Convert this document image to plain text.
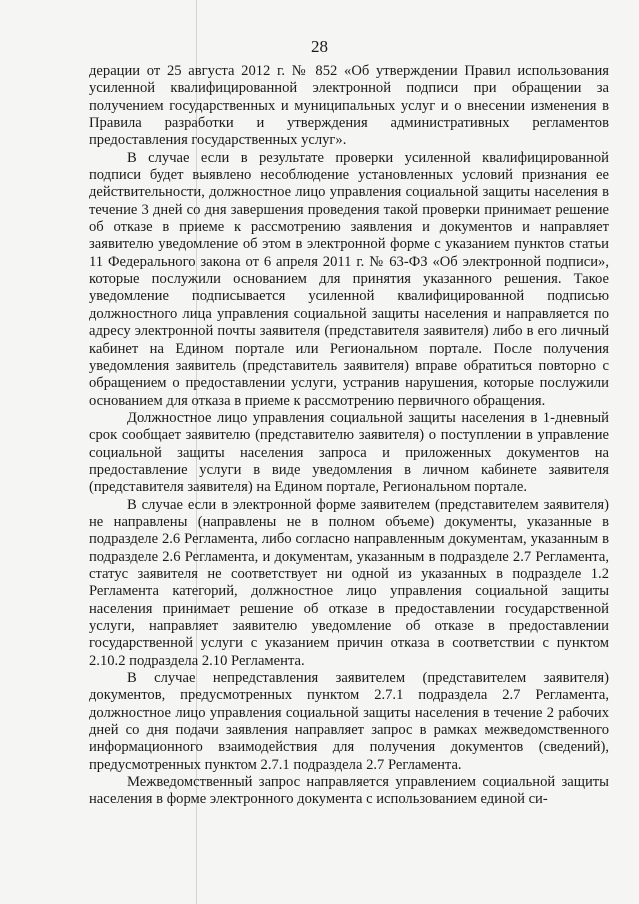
28

дерации от 25 августа 2012 г. № 852 «Об утверждении Правил использования усиленной квалифицированной электронной подписи при обращении за получением государственных и муниципальных услуг и о внесении изменения в Правила разработки и утверждения административных регламентов предоставления государственных услуг».

В случае если в результате проверки усиленной квалифицированной подписи будет выявлено несоблюдение установленных условий признания ее действительности, должностное лицо управления социальной защиты населения в течение 3 дней со дня завершения проведения такой проверки принимает решение об отказе в приеме к рассмотрению заявления и документов и направляет заявителю уведомление об этом в электронной форме с указанием пунктов статьи 11 Федерального закона от 6 апреля 2011 г. № 63-ФЗ «Об электронной подписи», которые послужили основанием для принятия указанного решения. Такое уведомление подписывается усиленной квалифицированной подписью должностного лица управления социальной защиты населения и направляется по адресу электронной почты заявителя (представителя заявителя) либо в его личный кабинет на Едином портале или Региональном портале. После получения уведомления заявитель (представитель заявителя) вправе обратиться повторно с обращением о предоставлении услуги, устранив нарушения, которые послужили основанием для отказа в приеме к рассмотрению первичного обращения.

Должностное лицо управления социальной защиты населения в 1-дневный срок сообщает заявителю (представителю заявителя) о поступлении в управление социальной защиты населения запроса и приложенных документов на предоставление услуги в виде уведомления в личном кабинете заявителя (представителя заявителя) на Едином портале, Региональном портале.

В случае если в электронной форме заявителем (представителем заявителя) не направлены (направлены не в полном объеме) документы, указанные в подразделе 2.6 Регламента, либо согласно направленным документам, указанным в подразделе 2.6 Регламента, и документам, указанным в подразделе 2.7 Регламента, статус заявителя не соответствует ни одной из указанных в подразделе 1.2 Регламента категорий, должностное лицо управления социальной защиты населения принимает решение об отказе в предоставлении государственной услуги, направляет заявителю уведомление об отказе в предоставлении государственной услуги с указанием причин отказа в соответствии с пунктом 2.10.2 подраздела 2.10 Регламента.

В случае непредставления заявителем (представителем заявителя) документов, предусмотренных пунктом 2.7.1 подраздела 2.7 Регламента, должностное лицо управления социальной защиты населения в течение 2 рабочих дней со дня подачи заявления направляет запрос в рамках межведомственного информационного взаимодействия для получения документов (сведений), предусмотренных пунктом 2.7.1 подраздела 2.7 Регламента.

Межведомственный запрос направляется управлением социальной защиты населения в форме электронного документа с использованием единой си-
